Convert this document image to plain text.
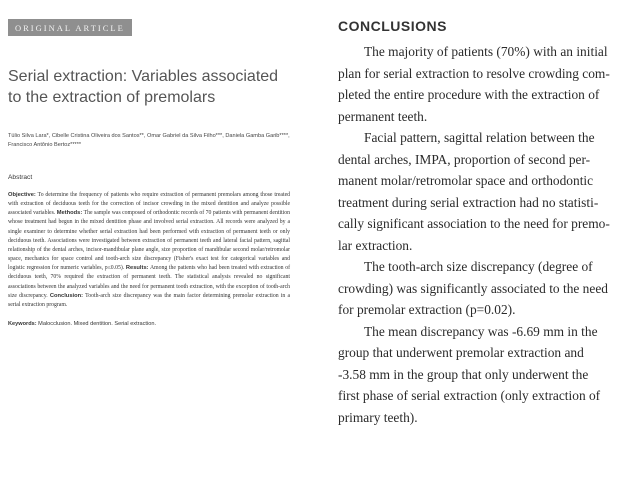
ORIGINAL ARTICLE
Serial extraction: Variables associated to the extraction of premolars
Túlio Silva Lara*, Cibelle Cristina Oliveira dos Santos**, Omar Gabriel da Silva Filho***, Daniela Gamba Garib****, Francisco Antônio Bertoz*****
Abstract
Objective: To determine the frequency of patients who require extraction of permanent premolars among those treated with extraction of deciduous teeth for the correction of incisor crowding in the mixed dentition and analyze possible associated variables. Methods: The sample was composed of orthodontic records of 70 patients with permanent dentition whose treatment had begun in the mixed dentition phase and involved serial extraction. All records were analyzed by a single examiner to determine whether serial extraction had been performed with extraction of permanent teeth or only deciduous teeth. Associations were investigated between extraction of permanent teeth and lateral facial pattern, sagittal relationship of the dental arches, incisor-mandibular plane angle, size proportion of mandibular second molar/retromolar space, mechanics for space control and tooth-arch size discrepancy (Fisher's exact test for categorical variables and logistic regression for numeric variables, p≤0.05). Results: Among the patients who had been treated with extraction of deciduous teeth, 70% required the extraction of permanent teeth. The statistical analysis revealed no significant associations between the analyzed variables and the need for permanent tooth extraction, with the exception of tooth-arch size discrepancy. Conclusion: Tooth-arch size discrepancy was the main factor determining premolar extraction in a serial extraction program.
Keywords: Malocclusion. Mixed dentition. Serial extraction.
CONCLUSIONS

The majority of patients (70%) with an initial
plan for serial extraction to resolve crowding com-
pleted the entire procedure with the extraction of
permanent teeth.

Facial pattern, sagittal relation between the
dental arches, IMPA, proportion of second per-
manent molar/retromolar space and orthodontic
treatment during serial extraction had no statisti-
cally significant association to the need for premo-
lar extraction.

The tooth-arch size discrepancy (degree of
crowding) was significantly associated to the need
for premolar extraction (p=0.02).

The mean discrepancy was -6.69 mm in the
group that underwent premolar extraction and
-3.58 mm in the group that only underwent the
first phase of serial extraction (only extraction of
primary teeth).
